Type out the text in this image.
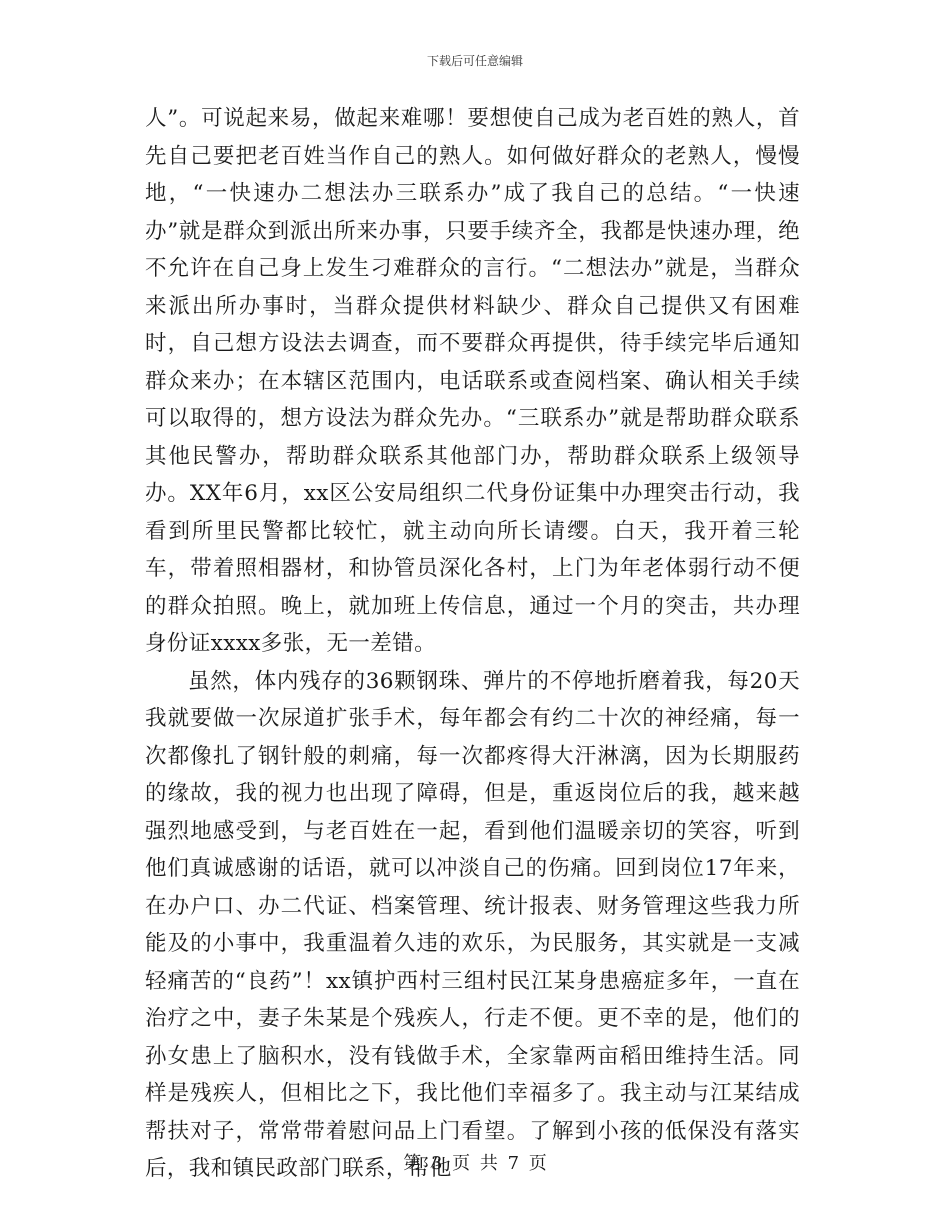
下载后可任意编辑

人”。可说起来易，做起来难哪！要想使自己成为老百姓的熟人，首先自己要把老百姓当作自己的熟人。如何做好群众的老熟人，慢慢地，“一快速办二想法办三联系办”成了我自己的总结。“一快速办”就是群众到派出所来办事，只要手续齐全，我都是快速办理，绝不允许在自己身上发生刁难群众的言行。“二想法办”就是，当群众来派出所办事时，当群众提供材料缺少、群众自己提供又有困难时，自己想方设法去调查，而不要群众再提供，待手续完毕后通知群众来办；在本辖区范围内，电话联系或查阅档案、确认相关手续可以取得的，想方设法为群众先办。“三联系办”就是帮助群众联系其他民警办，帮助群众联系其他部门办，帮助群众联系上级领导办。XX年6月，xx区公安局组织二代身份证集中办理突击行动，我看到所里民警都比较忙，就主动向所长请缨。白天，我开着三轮车，带着照相器材，和协管员深化各村，上门为年老体弱行动不便的群众拍照。晚上，就加班上传信息，通过一个月的突击，共办理身份证xxxx多张，无一差错。

虽然，体内残存的36颗钢珠、弹片的不停地折磨着我，每20天我就要做一次尿道扩张手术，每年都会有约二十次的神经痛，每一次都像扎了钢针般的刺痛，每一次都疼得大汗淋漓，因为长期服药的缘故，我的视力也出现了障碍，但是，重返岗位后的我，越来越强烈地感受到，与老百姓在一起，看到他们温暖亲切的笑容，听到他们真诚感谢的话语，就可以冲淡自己的伤痛。回到岗位17年来，在办户口、办二代证、档案管理、统计报表、财务管理这些我力所能及的小事中，我重温着久违的欢乐，为民服务，其实就是一支减轻痛苦的“良药”！xx镇护西村三组村民江某身患癌症多年，一直在治疗之中，妻子朱某是个残疾人，行走不便。更不幸的是，他们的孙女患上了脑积水，没有钱做手术，全家靠两亩稻田维持生活。同样是残疾人，但相比之下，我比他们幸福多了。我主动与江某结成帮扶对子，常常带着慰问品上门看望。了解到小孩的低保没有落实后，我和镇民政部门联系，帮他

第 3 页 共 7 页
